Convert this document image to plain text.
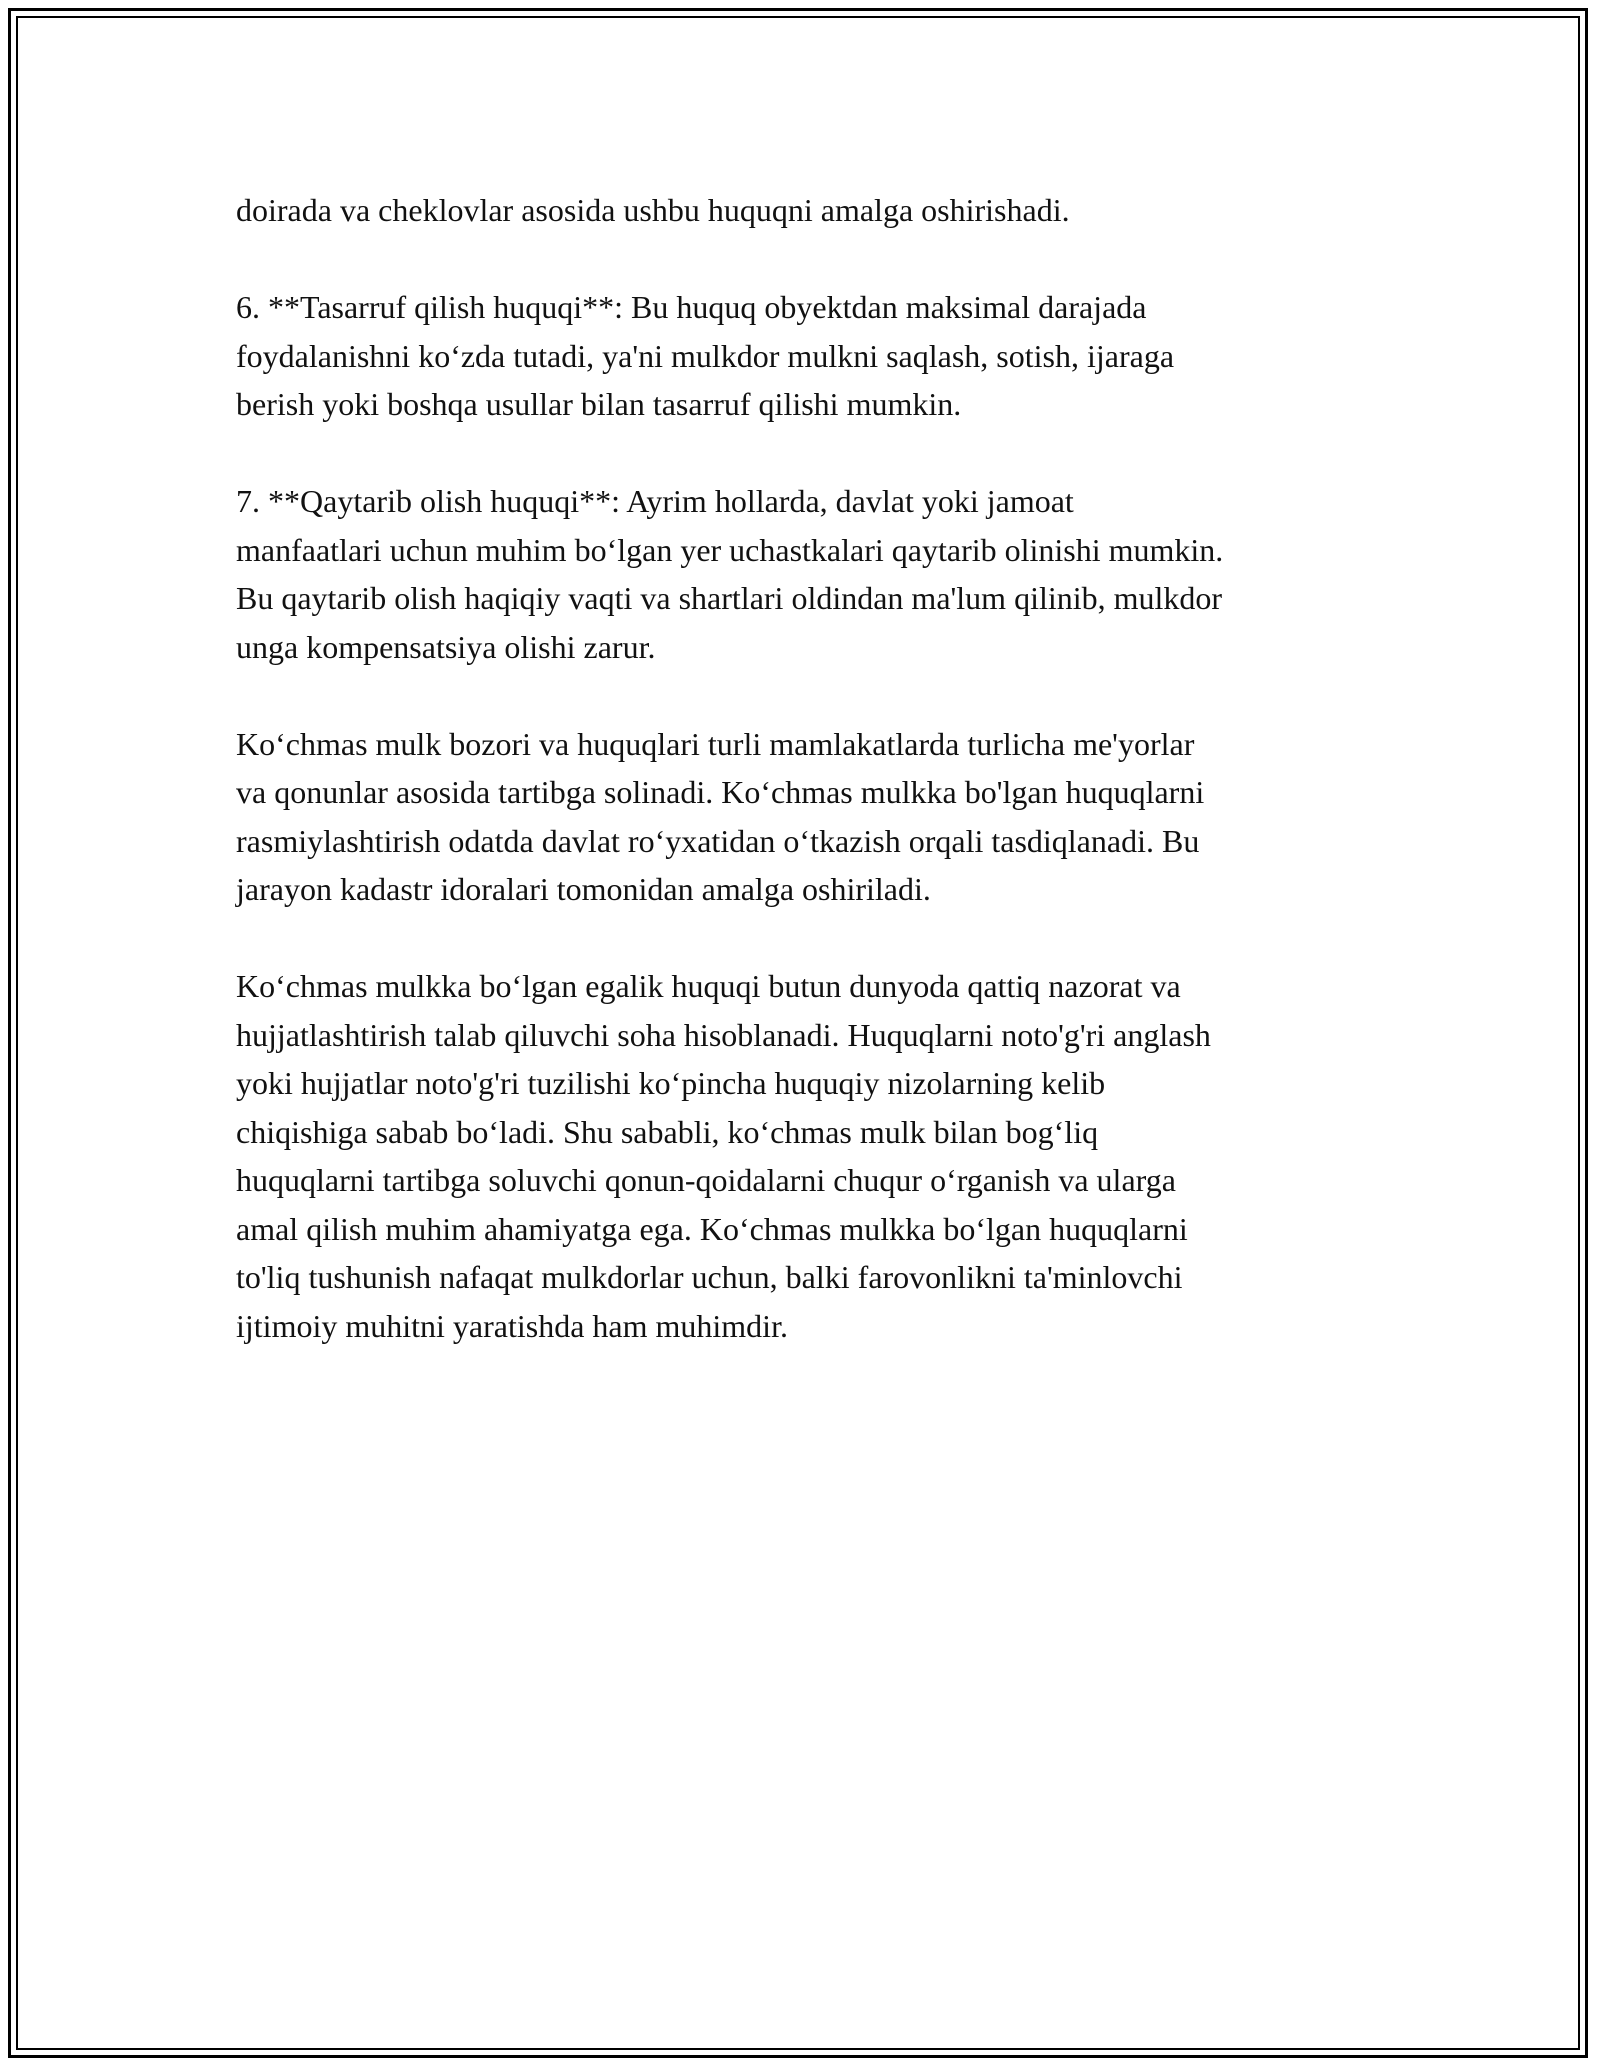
doirada va cheklovlar asosida ushbu huquqni amalga oshirishadi.

6. **Tasarruf qilish huquqi**: Bu huquq obyektdan maksimal darajada
foydalanishni ko‘zda tutadi, ya'ni mulkdor mulkni saqlash, sotish, ijaraga
berish yoki boshqa usullar bilan tasarruf qilishi mumkin.

7. **Qaytarib olish huquqi**: Ayrim hollarda, davlat yoki jamoat
manfaatlari uchun muhim bo‘lgan yer uchastkalari qaytarib olinishi mumkin.
Bu qaytarib olish haqiqiy vaqti va shartlari oldindan ma'lum qilinib, mulkdor
unga kompensatsiya olishi zarur.

Ko‘chmas mulk bozori va huquqlari turli mamlakatlarda turlicha me'yorlar
va qonunlar asosida tartibga solinadi. Ko‘chmas mulkka bo'lgan huquqlarni
rasmiylashtirish odatda davlat ro‘yxatidan o‘tkazish orqali tasdiqlanadi. Bu
jarayon kadastr idoralari tomonidan amalga oshiriladi.

Ko‘chmas mulkka bo‘lgan egalik huquqi butun dunyoda qattiq nazorat va
hujjatlashtirish talab qiluvchi soha hisoblanadi. Huquqlarni noto'g'ri anglash
yoki hujjatlar noto'g'ri tuzilishi ko‘pincha huquqiy nizolarning kelib
chiqishiga sabab bo‘ladi. Shu sababli, ko‘chmas mulk bilan bog‘liq
huquqlarni tartibga soluvchi qonun-qoidalarni chuqur o‘rganish va ularga
amal qilish muhim ahamiyatga ega. Ko‘chmas mulkka bo‘lgan huquqlarni
to'liq tushunish nafaqat mulkdorlar uchun, balki farovonlikni ta'minlovchi
ijtimoiy muhitni yaratishda ham muhimdir.
